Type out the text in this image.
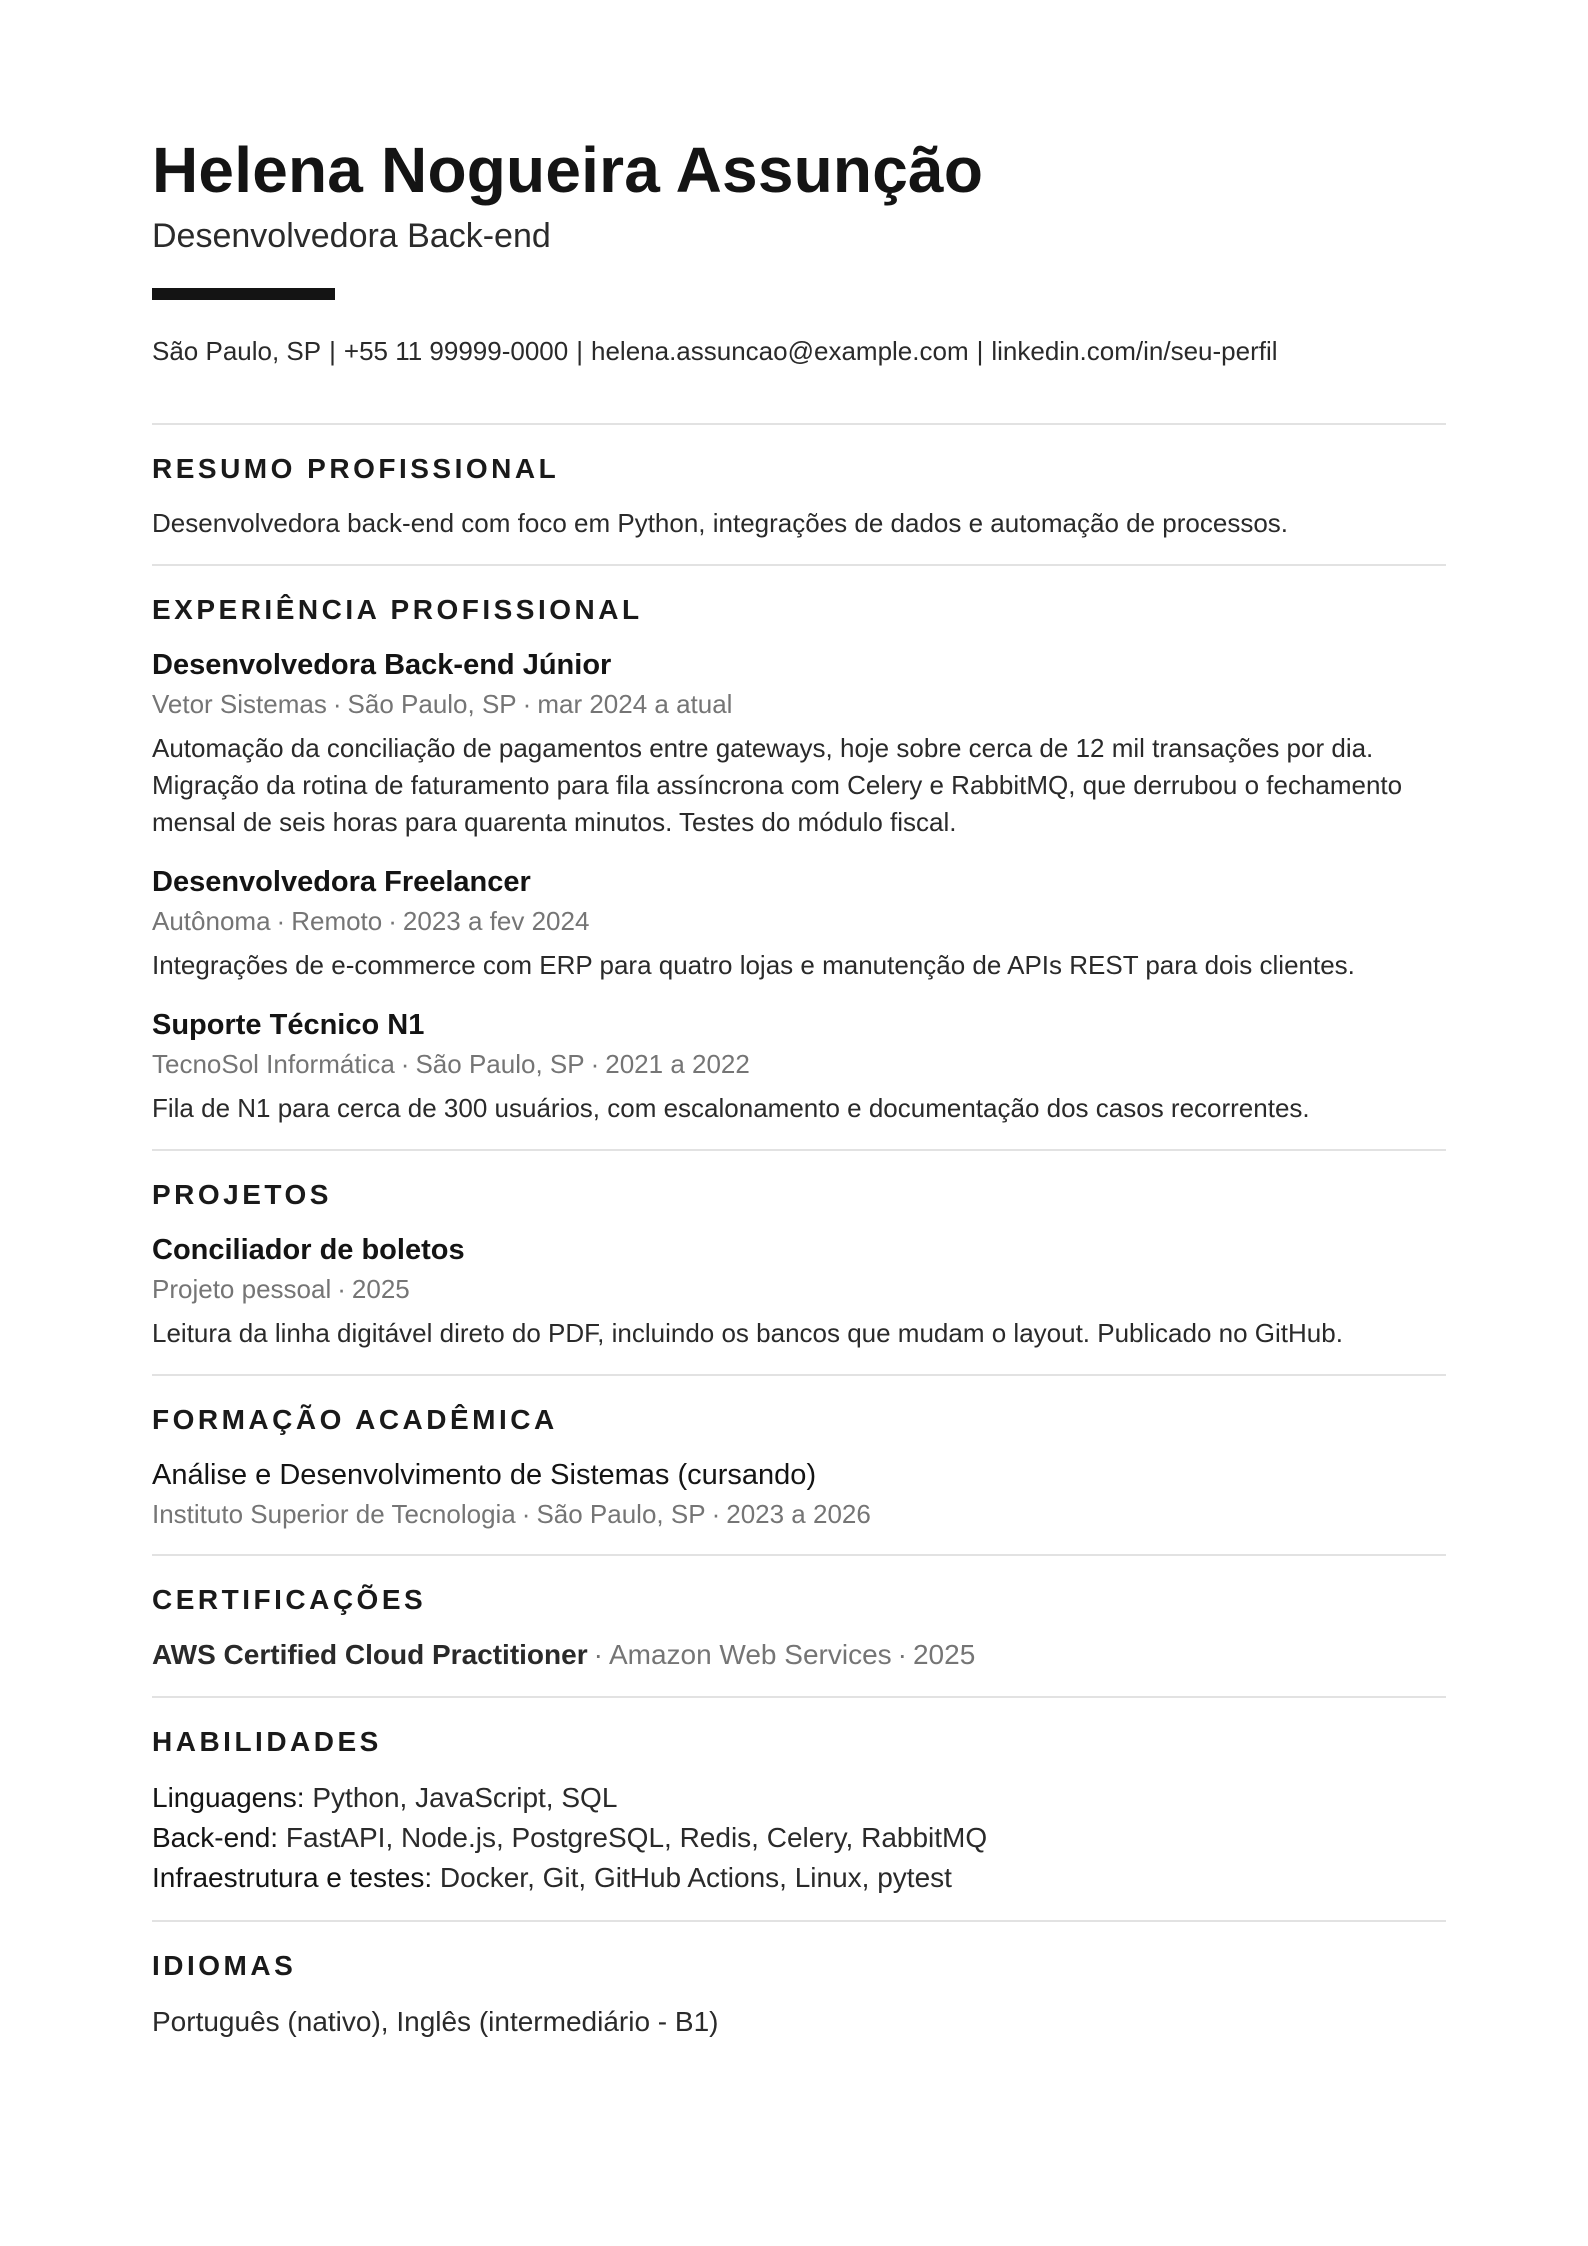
Helena Nogueira Assunção
Desenvolvedora Back-end
São Paulo, SP | +55 11 99999-0000 | helena.assuncao@example.com | linkedin.com/in/seu-perfil
RESUMO PROFISSIONAL

Desenvolvedora back-end com foco em Python, integrações de dados e automação de processos.

EXPERIÊNCIA PROFISSIONAL
Desenvolvedora Back-end Júnior
Vetor Sistemas · São Paulo, SP · mar 2024 a atual

Automação da conciliação de pagamentos entre gateways, hoje sobre cerca de 12 mil transações por dia. Migração da rotina de faturamento para fila assíncrona com Celery e RabbitMQ, que derrubou o fechamento mensal de seis horas para quarenta minutos. Testes do módulo fiscal.

Desenvolvedora Freelancer
Autônoma · Remoto · 2023 a fev 2024

Integrações de e-commerce com ERP para quatro lojas e manutenção de APIs REST para dois clientes.

Suporte Técnico N1
TecnoSol Informática · São Paulo, SP · 2021 a 2022

Fila de N1 para cerca de 300 usuários, com escalonamento e documentação dos casos recorrentes.

PROJETOS
Conciliador de boletos
Projeto pessoal · 2025

Leitura da linha digitável direto do PDF, incluindo os bancos que mudam o layout. Publicado no GitHub.

FORMAÇÃO ACADÊMICA
Análise e Desenvolvimento de Sistemas (cursando)
Instituto Superior de Tecnologia · São Paulo, SP · 2023 a 2026
CERTIFICAÇÕES
AWS Certified Cloud Practitioner · Amazon Web Services · 2025
HABILIDADES
Linguagens: Python, JavaScript, SQL
Back-end: FastAPI, Node.js, PostgreSQL, Redis, Celery, RabbitMQ
Infraestrutura e testes: Docker, Git, GitHub Actions, Linux, pytest
IDIOMAS

Português (nativo), Inglês (intermediário - B1)
